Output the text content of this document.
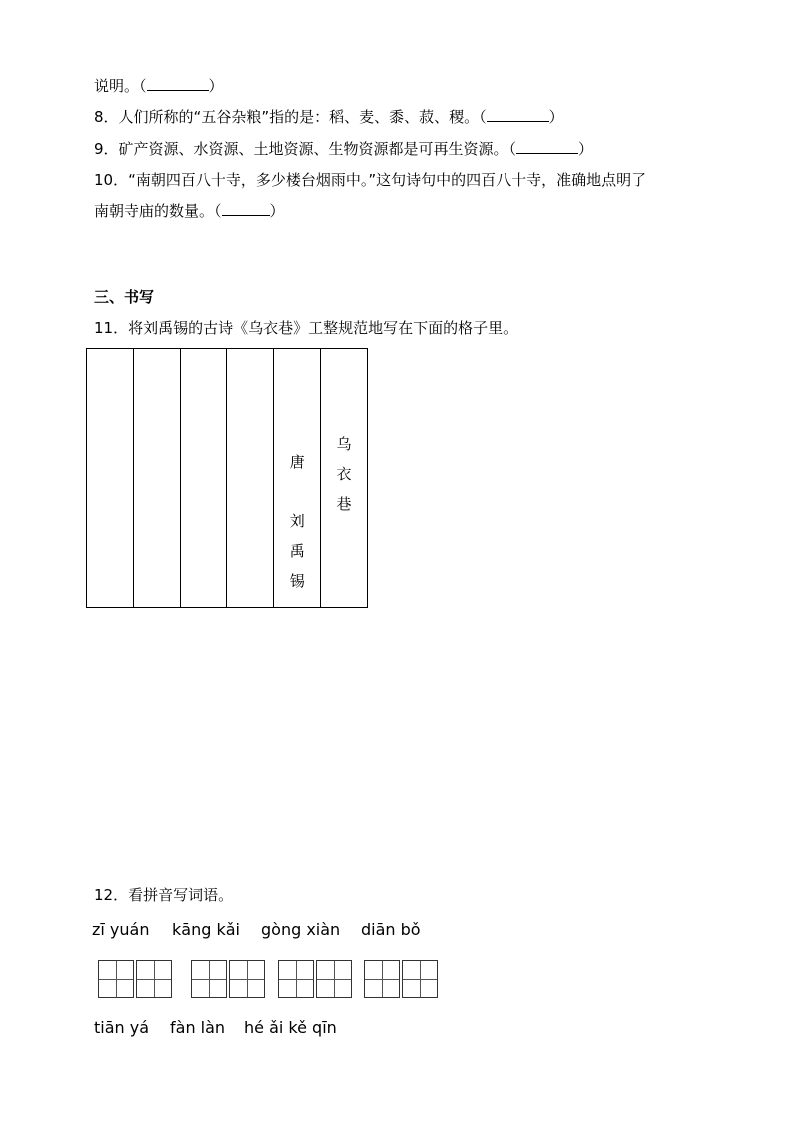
说明。（	）
8．人们所称的“五谷杂粮”指的是：稻、麦、黍、菽、稷。（	）
9．矿产资源、水资源、土地资源、生物资源都是可再生资源。（	）
10．“南朝四百八十寺，多少楼台烟雨中。”这句诗句中的四百八十寺，准确地点明了
南朝寺庙的数量。（	）
三、书写
11．将刘禹锡的古诗《乌衣巷》工整规范地写在下面的格子里。
唐
刘
禹
锡
乌
衣
巷
12．看拼音写词语。
zī yuán kāng kǎi gòng xiàn diān bǒ
tiān yá fàn làn hé ǎi kě qīn
